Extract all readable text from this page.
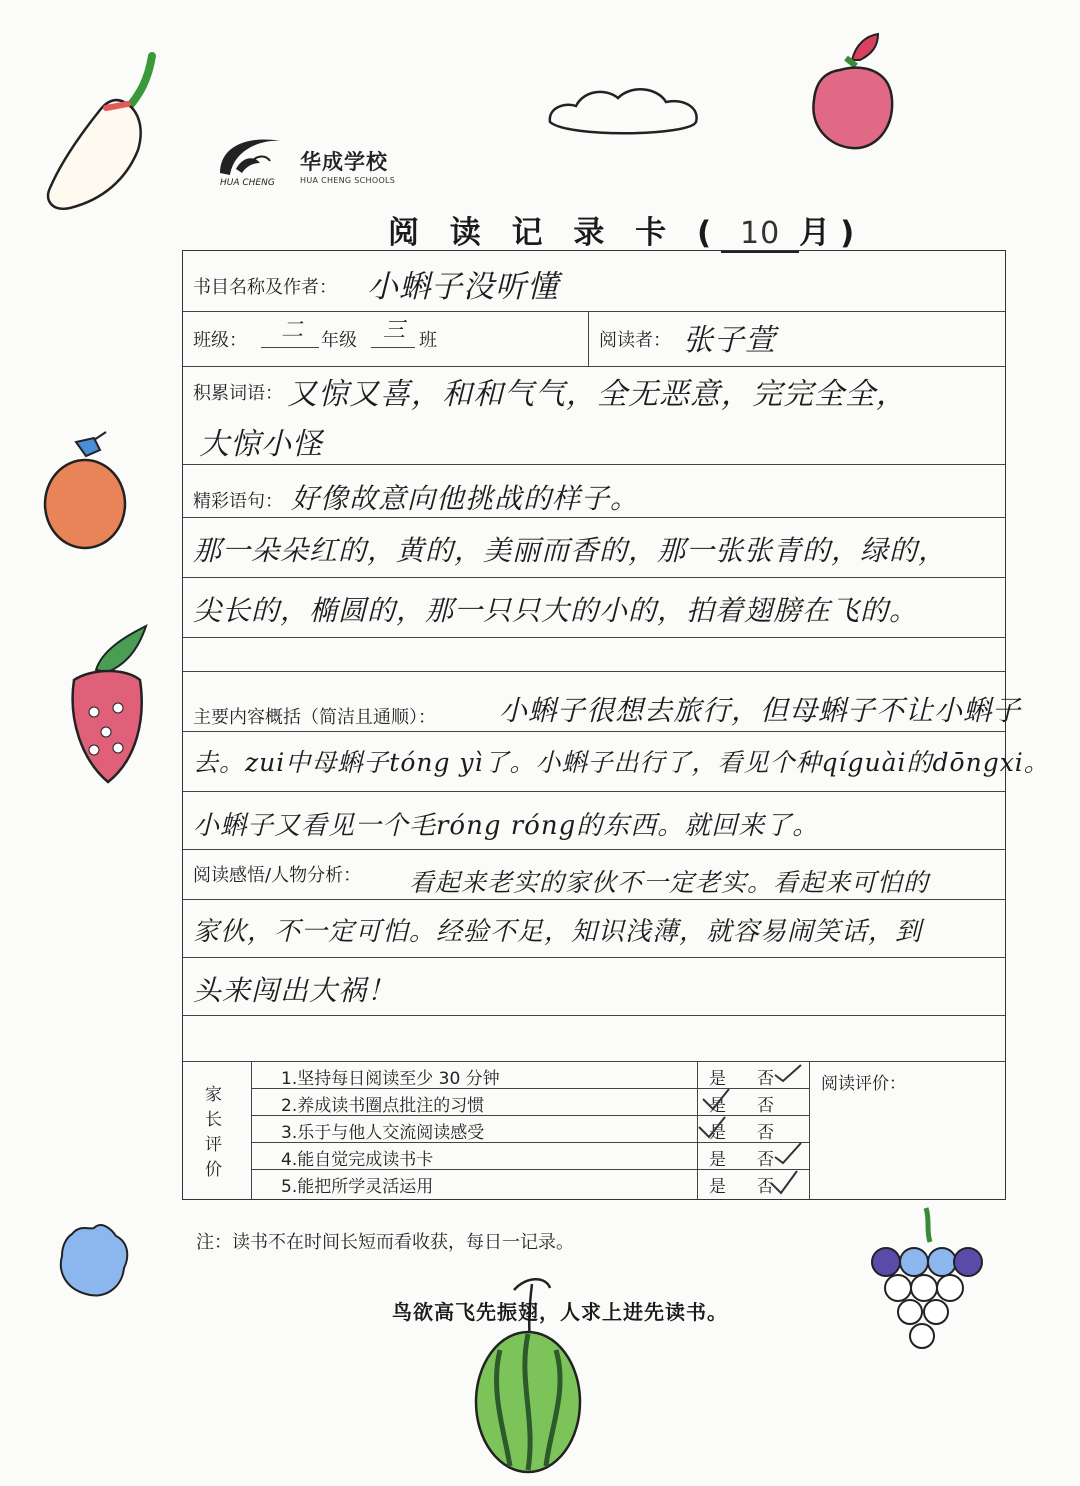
HUA CHENG
华成学校
HUA CHENG SCHOOLS
阅 读 记 录 卡 ( 10 月)
书目名称及作者： 小蝌子没听懂
班级： 二 年级 三 班	阅读者： 张子萱
积累词语： 又惊又喜，和和气气，全无恶意，完完全全，
大惊小怪
精彩语句： 好像故意向他挑战的样子。
那一朵朵红的，黄的，美丽而香的，那一张张青的，绿的，
尖长的，椭圆的，那一只只大的小的，拍着翅膀在飞的。
主要内容概括（简洁且通顺）： 小蝌子很想去旅行，但母蝌子不让小蝌子
去。zui中母蝌子tóng yì了。小蝌子出行了，看见个种qíguài的dōngxi。
小蝌子又看见一个毛róng róng的东西。就回来了。
阅读感悟/人物分析： 看起来老实的家伙不一定老实。看起来可怕的
家伙，不一定可怕。经验不足，知识浅薄，就容易闹笑话，到
头来闯出大祸！
家
长
评
价
1.坚持每日阅读至少 30 分钟	是 否
2.养成读书圈点批注的习惯	是 否
3.乐于与他人交流阅读感受	是 否
4.能自觉完成读书卡	是 否
5.能把所学灵活运用	是 否
阅读评价：
注：读书不在时间长短而看收获，每日一记录。
鸟欲高飞先振翅，人求上进先读书。
